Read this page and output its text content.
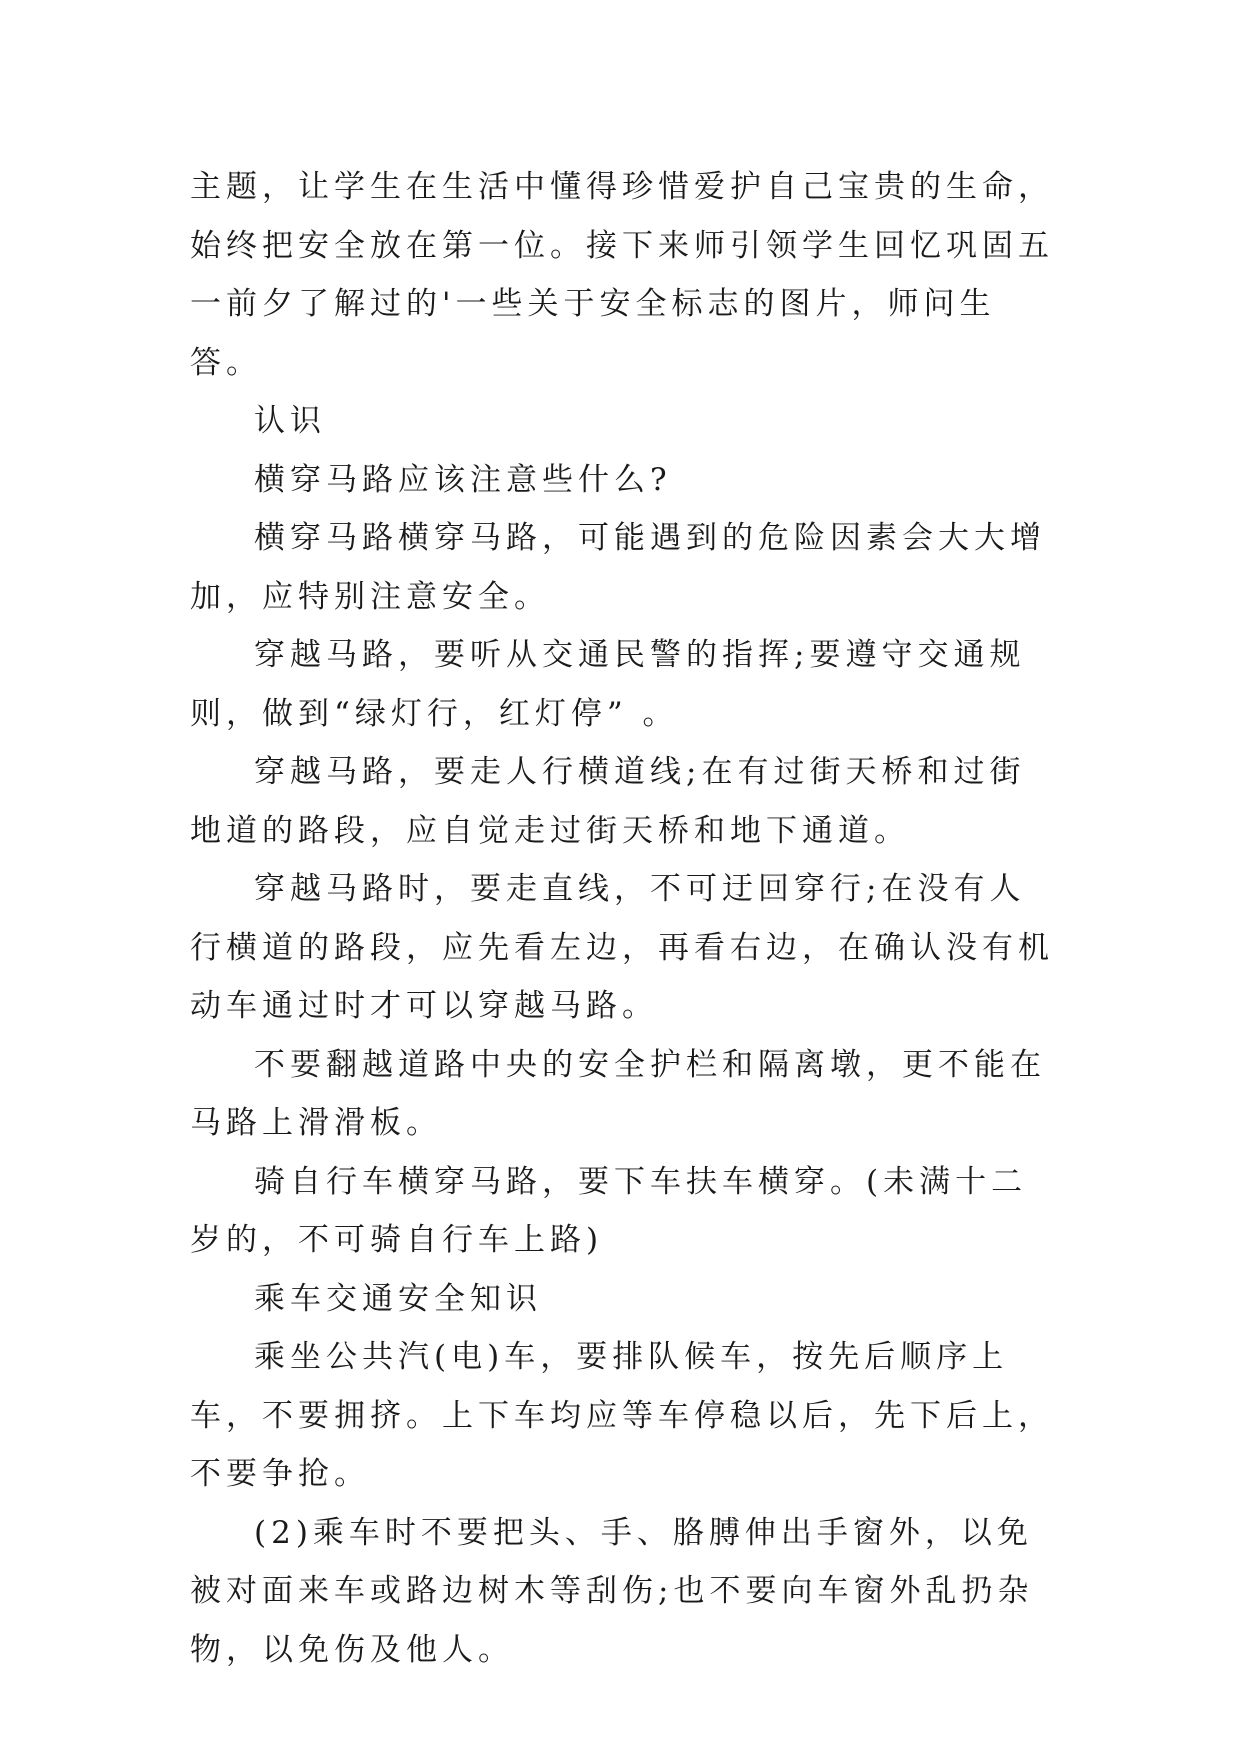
主题，让学生在生活中懂得珍惜爱护自己宝贵的生命，始终把安全放在第一位。接下来师引领学生回忆巩固五一前夕了解过的'一些关于安全标志的图片，师问生答。

认识

横穿马路应该注意些什么?

横穿马路横穿马路，可能遇到的危险因素会大大增加，应特别注意安全。

穿越马路，要听从交通民警的指挥;要遵守交通规则，做到“绿灯行，红灯停” 。

穿越马路，要走人行横道线;在有过街天桥和过街地道的路段，应自觉走过街天桥和地下通道。

穿越马路时，要走直线，不可迂回穿行;在没有人行横道的路段，应先看左边，再看右边，在确认没有机动车通过时才可以穿越马路。

不要翻越道路中央的安全护栏和隔离墩，更不能在马路上滑滑板。

骑自行车横穿马路，要下车扶车横穿。(未满十二岁的，不可骑自行车上路)

乘车交通安全知识

乘坐公共汽(电)车，要排队候车，按先后顺序上车，不要拥挤。上下车均应等车停稳以后，先下后上，不要争抢。

(2)乘车时不要把头、手、胳膊伸出手窗外，以免被对面来车或路边树木等刮伤;也不要向车窗外乱扔杂物，以免伤及他人。
